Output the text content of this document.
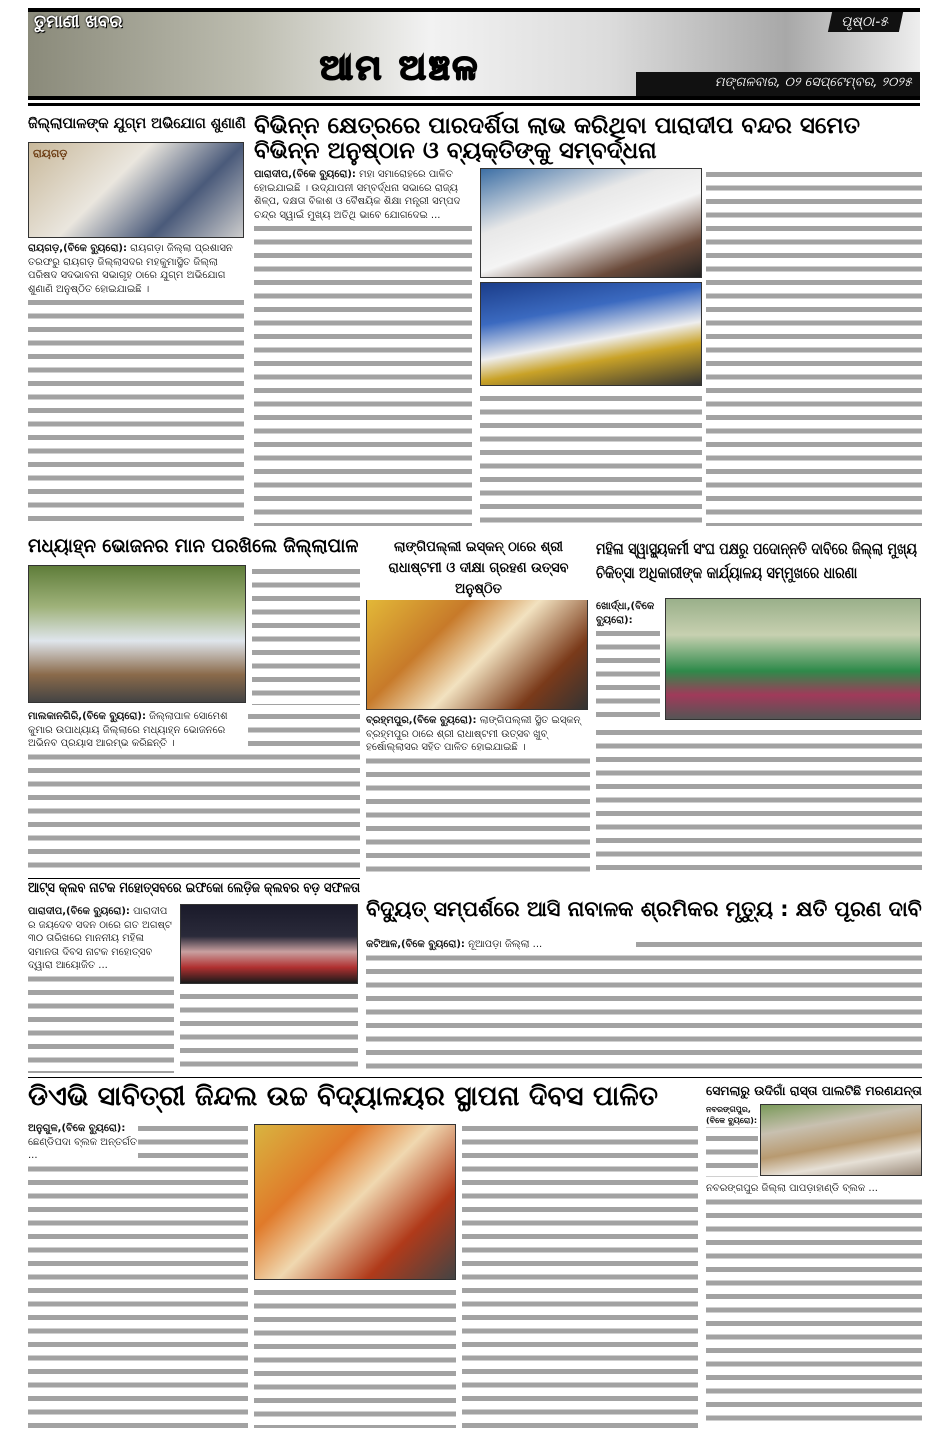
ତୁମାଣୀ ଖବର
ଆମ ଅଞ୍ଚଳ
ପୃଷ୍ଠା-୫
ମଙ୍ଗଳବାର, ୦୨ ସେପ୍ଟେମ୍ବର, ୨୦୨୫
ଜିଲ୍ଲାପାଳଙ୍କ ଯୁଗ୍ମ ଅଭିଯୋଗ ଶୁଣାଣି
ରାୟଗଡ଼
ରାୟଗଡ଼,(ବିକେ ବ୍ୟୁରୋ): ରାୟଗଡ଼ା ଜିଲ୍ଲା ପ୍ରଶାସନ ତରଫରୁ ରାୟଗଡ଼ ଜିଲ୍ଲାସଦର ମହକୁମାସ୍ଥିତ ଜିଲ୍ଲା ପରିଷଦ ସଦଭାବନା ସଭାଗୃହ ଠାରେ ଯୁଗ୍ମ ଅଭିଯୋଗ ଶୁଣାଣି ଅନୁଷ୍ଠିତ ହୋଇଯାଇଛି ।
ବିଭିନ୍ନ କ୍ଷେତ୍ରରେ ପାରଦର୍ଶିତା ଲାଭ କରିଥିବା ପାରାଦୀପ ବନ୍ଦର ସମେତ ବିଭିନ୍ନ ଅନୁଷ୍ଠାନ ଓ ବ୍ୟକ୍ତିଙ୍କୁ ସମ୍ବର୍ଦ୍ଧନା
ପାରାଦୀପ,(ବିକେ ବ୍ୟୁରୋ): ମହା ସମାରୋହରେ ପାଳିତ ହୋଇଯାଇଛି । ଉଦ୍‌ଯାପନୀ ସମ୍ବର୍ଦ୍ଧନା ସଭାରେ ରାଜ୍ୟ ଶିଳ୍ପ, ଦକ୍ଷତା ବିକାଶ ଓ ବୈଷୟିକ ଶିକ୍ଷା ମନ୍ତ୍ରୀ ସମ୍ପଦ ଚନ୍ଦ୍ର ସ୍ୱାଇଁ ମୁଖ୍ୟ ଅତିଥି ଭାବେ ଯୋଗଦେଇ ...
ମଧ୍ୟାହ୍ନ ଭୋଜନର ମାନ ପରଖିଲେ ଜିଲ୍ଲାପାଳ
ମାଲକାନଗିରି,(ବିକେ ବ୍ୟୁରୋ): ଜିଲ୍ଲାପାଳ ସୋମେଶ କୁମାର ଉପାଧ୍ୟାୟ ଜିଲ୍ଲାରେ ମଧ୍ୟାହ୍ନ ଭୋଜନରେ ଅଭିନବ ପ୍ରୟାସ ଆରମ୍ଭ କରିଛନ୍ତି ।
ଲାଙ୍ଗିପଲ୍ଲୀ ଇସ୍କନ୍ ଠାରେ ଶ୍ରୀ ରାଧାଷ୍ଟମୀ ଓ ଦୀକ୍ଷା ଗ୍ରହଣ ଉତ୍ସବ ଅନୁଷ୍ଠିତ
ବ୍ରହ୍ମପୁର,(ବିକେ ବ୍ୟୁରୋ): ଲାଙ୍ଗିପଲ୍ଲୀ ସ୍ଥିତ ଇସ୍କନ୍ ବ୍ରହ୍ମପୁର ଠାରେ ଶ୍ରୀ ରାଧାଷ୍ଟମୀ ଉତ୍ସବ ଖୁବ୍ ହର୍ଷୋଲ୍ଲାସର ସହିତ ପାଳିତ ହୋଇଯାଇଛି ।
ମହିଳା ସ୍ୱାସ୍ଥ୍ୟକର୍ମୀ ସଂଘ ପକ୍ଷରୁ ପଦୋନ୍ନତି ଦାବିରେ ଜିଲ୍ଲା ମୁଖ୍ୟ ଚିକିତ୍ସା ଅଧିକାରୀଙ୍କ କାର୍ଯ୍ୟାଳୟ ସମ୍ମୁଖରେ ଧାରଣା
ଖୋର୍ଦ୍ଧା,(ବିକେ ବ୍ୟୁରୋ):
ଆଟ୍ସ କ୍ଲବ ନାଟକ ମହୋତ୍ସବରେ ଇଫକୋ ଲେଡ଼ିଜ କ୍ଲବର ବଡ଼ ସଫଳତା
ପାରାଦୀପ,(ବିକେ ବ୍ୟୁରୋ): ପାରାଦୀପ ର ଜୟଦେବ ସଦନ ଠାରେ ଗତ ଅଗଷ୍ଟ ୩୦ ତାରିଖରେ ମାନନୀୟ ମହିଳା ସମାନତା ଦିବସ ନାଟକ ମହୋତ୍ସବ ଦ୍ୱାରା ଆୟୋଜିତ ...
ବିଦ୍ୟୁତ୍ ସମ୍ପର୍ଶରେ ଆସି ନାବାଳକ ଶ୍ରମିକର ମୃତ୍ୟୁ : କ୍ଷତି ପୂରଣ ଦାବି
କଟିଆଳ,(ବିକେ ବ୍ୟୁରୋ): ନୂଆପଡ଼ା ଜିଲ୍ଲା ...
ଡିଏଭି ସାବିତ୍ରୀ ଜିନ୍ଦଲ ଉଚ୍ଚ ବିଦ୍ୟାଳୟର ସ୍ଥାପନା ଦିବସ ପାଳିତ
ଅନୁଗୁଳ,(ବିକେ ବ୍ୟୁରୋ): ଛେଣ୍ଡିପଦା ବ୍ଲକ ଅନ୍ତର୍ଗତ ...
ସେମଲାରୁ ଉଦିଗାଁ ରାସ୍ତା ପାଲଟିଛି ମରଣଯନ୍ତା
ନବରଙ୍ଗପୁର,(ବିକେ ବ୍ୟୁରୋ):
ନବରଙ୍ଗପୁର ଜିଲ୍ଲା ପାପଡ଼ାହାଣ୍ଡି ବ୍ଲକ ...
